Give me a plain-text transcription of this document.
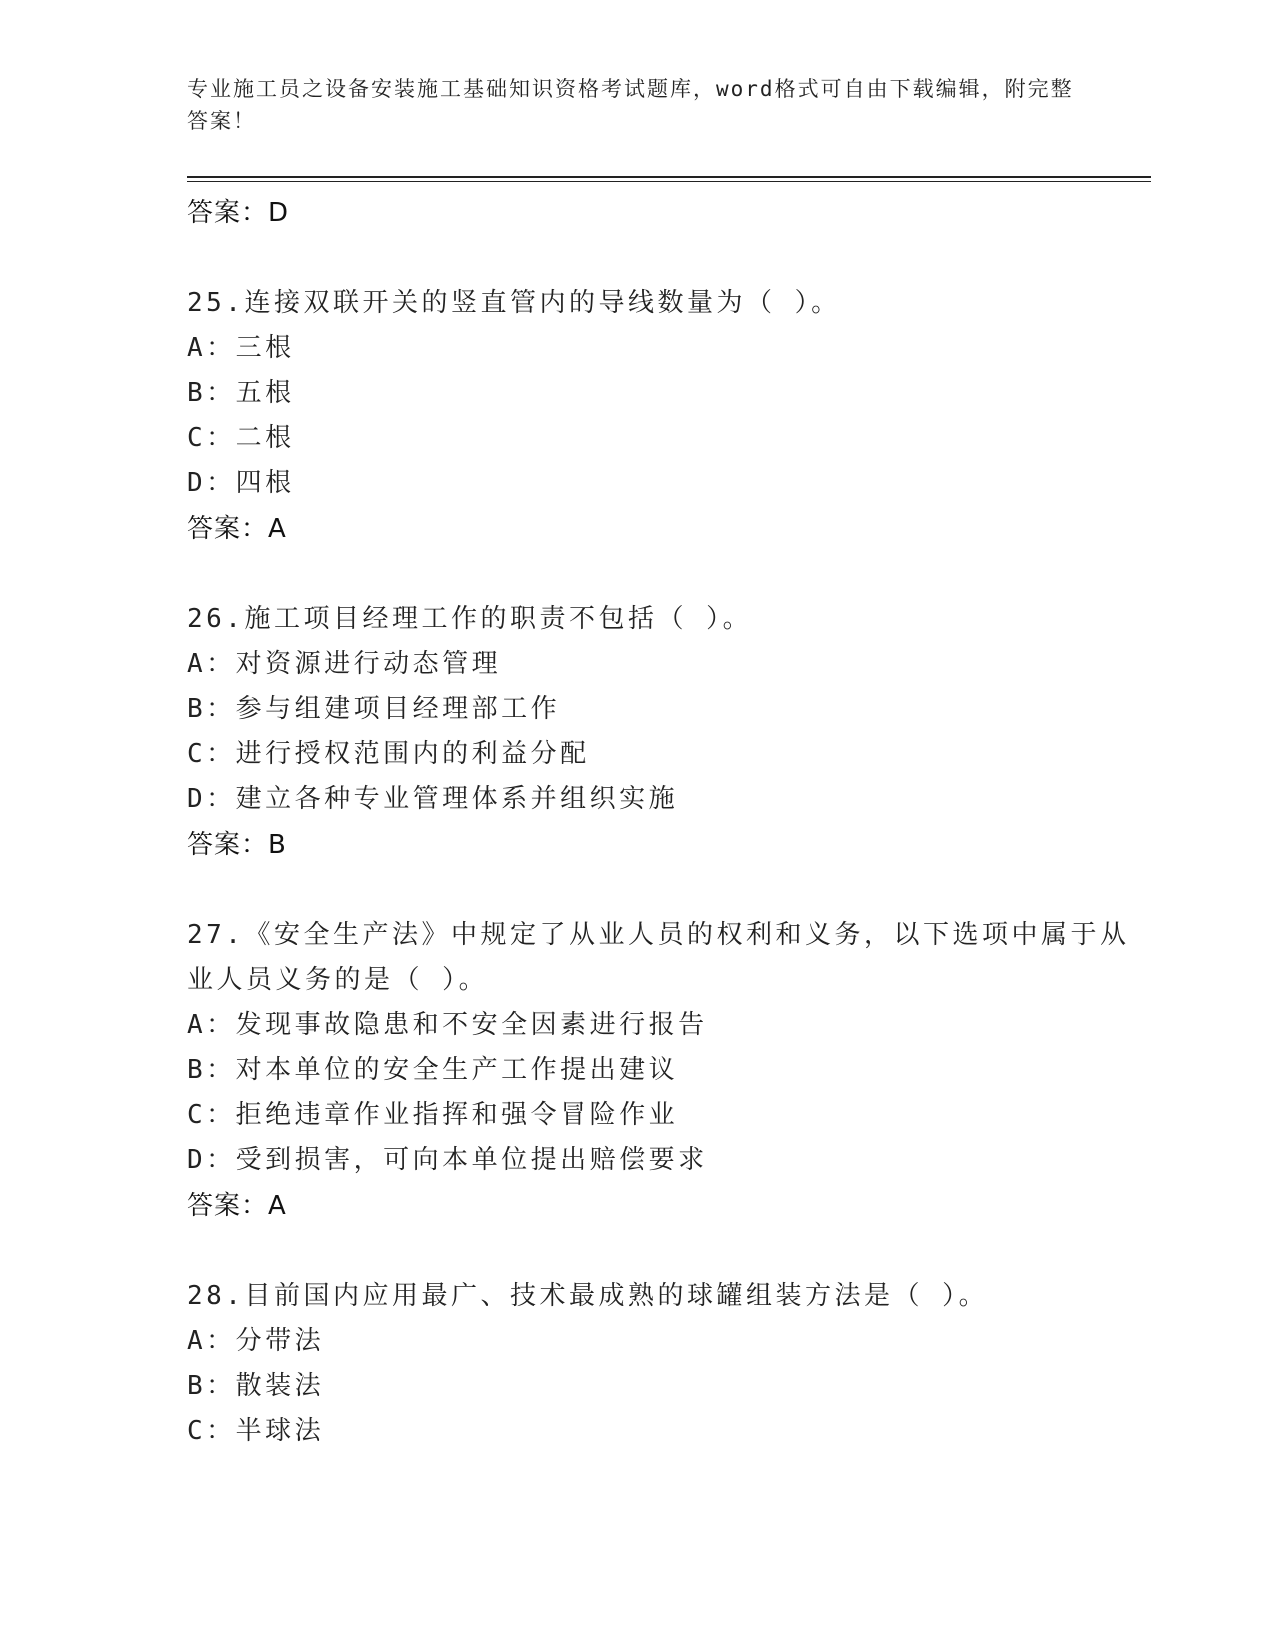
专业施工员之设备安装施工基础知识资格考试题库，word格式可自由下载编辑，附完整答案！
答案：D
25.连接双联开关的竖直管内的导线数量为（ ）。
A：三根
B：五根
C：二根
D：四根
答案：A
26.施工项目经理工作的职责不包括（ ）。
A：对资源进行动态管理
B：参与组建项目经理部工作
C：进行授权范围内的利益分配
D：建立各种专业管理体系并组织实施
答案：B
27.《安全生产法》中规定了从业人员的权利和义务，以下选项中属于从业人员义务的是（ ）。
A：发现事故隐患和不安全因素进行报告
B：对本单位的安全生产工作提出建议
C：拒绝违章作业指挥和强令冒险作业
D：受到损害，可向本单位提出赔偿要求
答案：A
28.目前国内应用最广、技术最成熟的球罐组装方法是（ ）。
A：分带法
B：散装法
C：半球法
